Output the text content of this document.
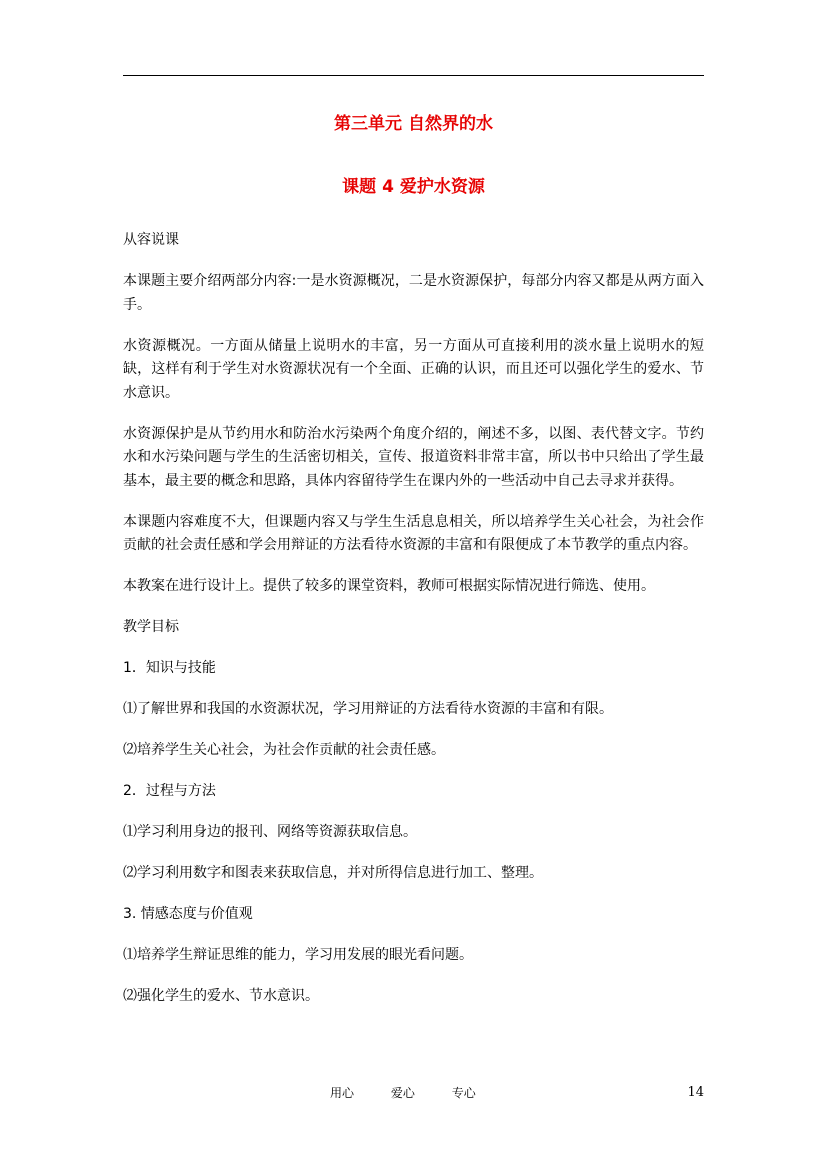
第三单元 自然界的水
课题 4 爱护水资源

从容说课

本课题主要介绍两部分内容:一是水资源概况，二是水资源保护，每部分内容又都是从两方面入手。

水资源概况。一方面从储量上说明水的丰富，另一方面从可直接利用的淡水量上说明水的短缺，这样有利于学生对水资源状况有一个全面、正确的认识，而且还可以强化学生的爱水、节水意识。

水资源保护是从节约用水和防治水污染两个角度介绍的，阐述不多，以图、表代替文字。节约水和水污染问题与学生的生活密切相关，宣传、报道资料非常丰富，所以书中只给出了学生最基本，最主要的概念和思路，具体内容留待学生在课内外的一些活动中自己去寻求并获得。

本课题内容难度不大，但课题内容又与学生生活息息相关，所以培养学生关心社会，为社会作贡献的社会责任感和学会用辩证的方法看待水资源的丰富和有限便成了本节教学的重点内容。

本教案在进行设计上。提供了较多的课堂资料，教师可根据实际情况进行筛选、使用。

教学目标

1．知识与技能

⑴了解世界和我国的水资源状况，学习用辩证的方法看待水资源的丰富和有限。

⑵培养学生关心社会，为社会作贡献的社会责任感。

2．过程与方法

⑴学习利用身边的报刊、网络等资源获取信息。

⑵学习利用数字和图表来获取信息，并对所得信息进行加工、整理。

3. 情感态度与价值观

⑴培养学生辩证思维的能力，学习用发展的眼光看问题。

⑵强化学生的爱水、节水意识。

用心	爱心	专心	14
